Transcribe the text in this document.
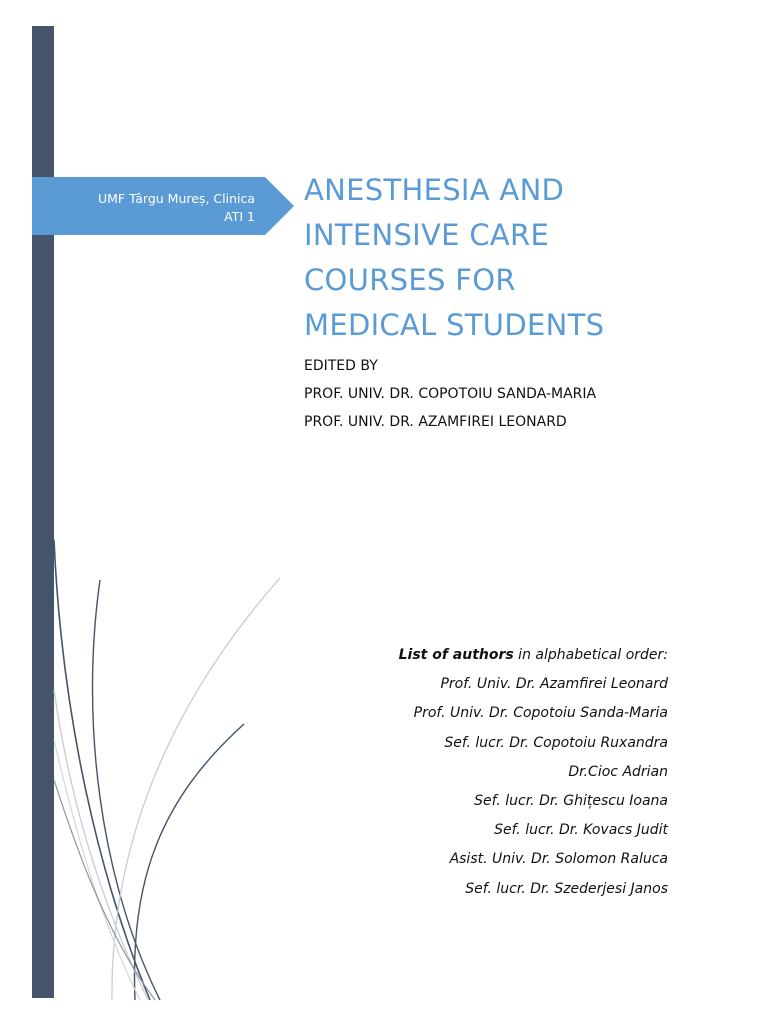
UMF Târgu Mureș, Clinica
ATI 1
ANESTHESIA AND
INTENSIVE CARE
COURSES FOR
MEDICAL STUDENTS
EDITED BY
PROF. UNIV. DR. COPOTOIU SANDA-MARIA
PROF. UNIV. DR. AZAMFIREI LEONARD
List of authors in alphabetical order:
Prof. Univ. Dr. Azamfirei Leonard
Prof. Univ. Dr. Copotoiu Sanda-Maria
Sef. lucr. Dr. Copotoiu Ruxandra
Dr.Cioc Adrian
Sef. lucr. Dr. Ghițescu Ioana
Sef. lucr. Dr. Kovacs Judit
Asist. Univ. Dr. Solomon Raluca
Sef. lucr. Dr. Szederjesi Janos
